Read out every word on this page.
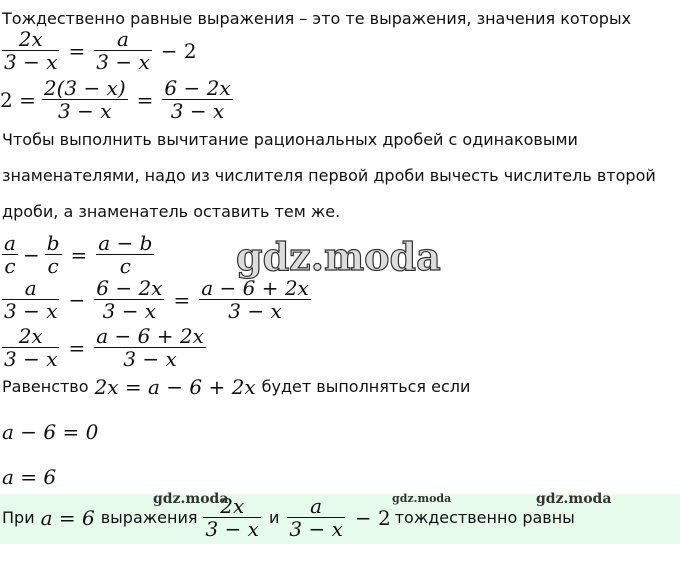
Тождественно равные выражения – это те выражения, значения которых
$\frac{2x}{3 - x} = \frac{a}{3 - x} - 2$
$2 = \frac{2(3 - x)}{3 - x} = \frac{6 - 2x}{3 - x}$
Чтобы выполнить вычитание рациональных дробей с одинаковыми
знаменателями, надо из числителя первой дроби вычесть числитель второй
дроби, а знаменатель оставить тем же.
$\frac{a}{c} - \frac{b}{c} = \frac{a - b}{c}$ gdz.moda
$\frac{a}{3 - x} - \frac{6 - 2x}{3 - x} = \frac{a - 6 + 2x}{3 - x}$
$\frac{2x}{3 - x} = \frac{a - 6 + 2x}{3 - x}$
Равенство 2x = a − 6 + 2x будет выполняться если
a − 6 = 0
a = 6
При a = 6 выражения $\frac{2x}{3 - x}$ и $\frac{a}{3 - x} - 2$ тождественно равны
gdz.moda	gdz.moda	gdz.moda
